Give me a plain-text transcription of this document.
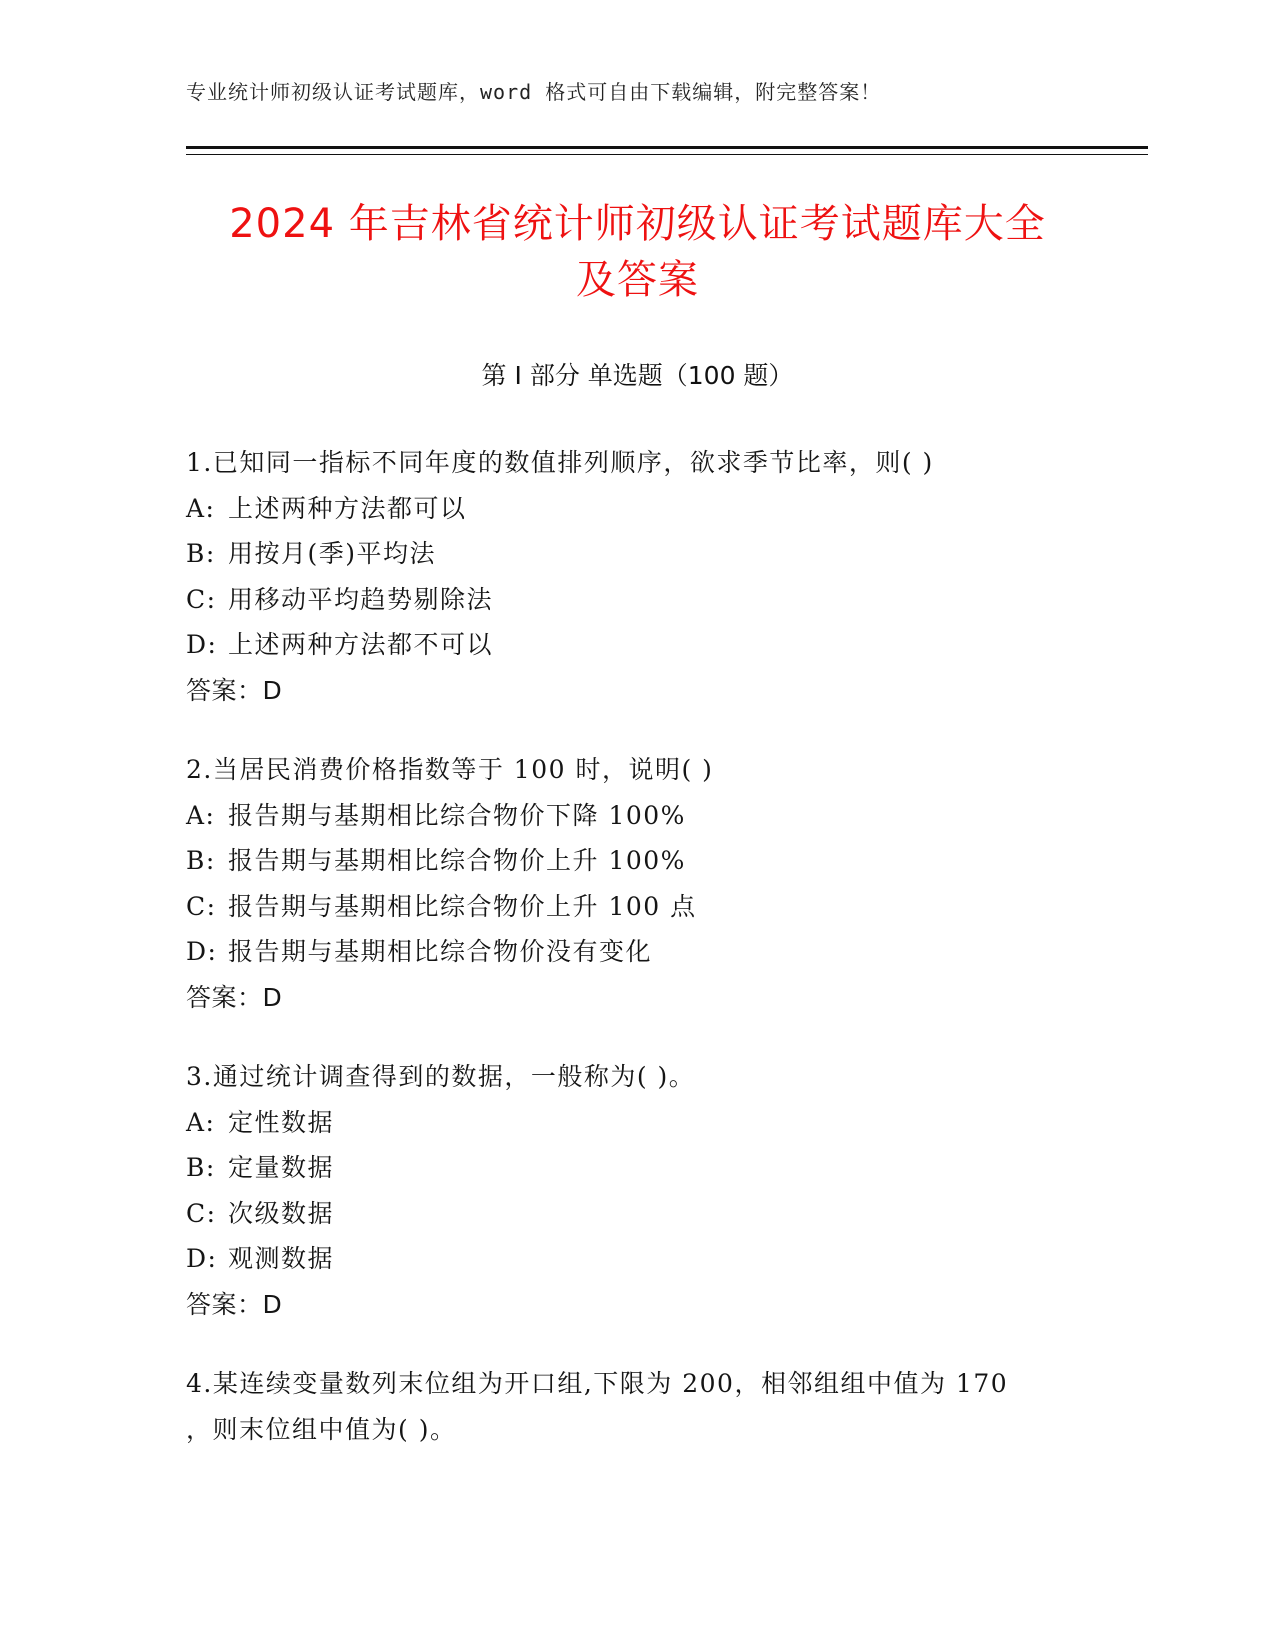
专业统计师初级认证考试题库，word 格式可自由下载编辑，附完整答案！
2024 年吉林省统计师初级认证考试题库大全
及答案
第 I 部分 单选题（100 题）
1.已知同一指标不同年度的数值排列顺序，欲求季节比率，则( )
A: 上述两种方法都可以
B: 用按月(季)平均法
C: 用移动平均趋势剔除法
D: 上述两种方法都不可以
答案：D
2.当居民消费价格指数等于 100 时，说明( )
A: 报告期与基期相比综合物价下降 100%
B: 报告期与基期相比综合物价上升 100%
C: 报告期与基期相比综合物价上升 100 点
D: 报告期与基期相比综合物价没有变化
答案：D
3.通过统计调查得到的数据，一般称为( )。
A: 定性数据
B: 定量数据
C: 次级数据
D: 观测数据
答案：D
4.某连续变量数列末位组为开口组,下限为 200，相邻组组中值为 170
，则末位组中值为( )。
